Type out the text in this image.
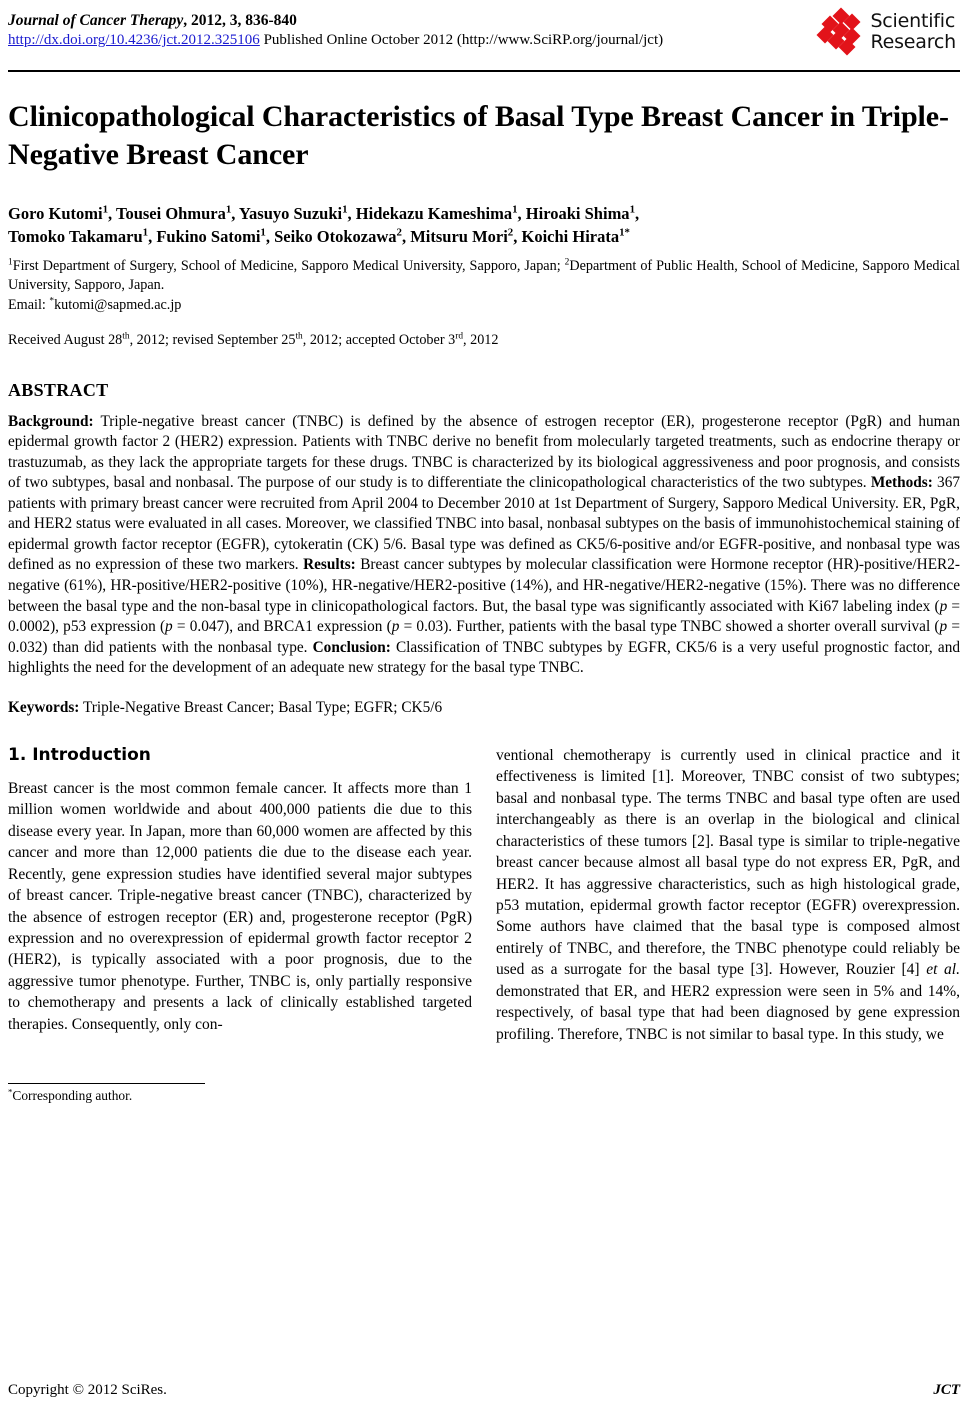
Journal of Cancer Therapy, 2012, 3, 836-840
http://dx.doi.org/10.4236/jct.2012.325106 Published Online October 2012 (http://www.SciRP.org/journal/jct)
Scientific
Research
Clinicopathological Characteristics of Basal Type Breast Cancer in Triple-Negative Breast Cancer
Goro Kutomi$^1$, Tousei Ohmura$^1$, Yasuyo Suzuki$^1$, Hidekazu Kameshima$^1$, Hiroaki Shima$^1$,
Tomoko Takamaru$^1$, Fukino Satomi$^1$, Seiko Otokozawa$^2$, Mitsuru Mori$^2$, Koichi Hirata$^{1*}$
$^1$First Department of Surgery, School of Medicine, Sapporo Medical University, Sapporo, Japan; $^2$Department of Public Health, School of Medicine, Sapporo Medical University, Sapporo, Japan.
Email: *kutomi@sapmed.ac.jp
Received August 28th, 2012; revised September 25th, 2012; accepted October 3rd, 2012
ABSTRACT
Background: Triple-negative breast cancer (TNBC) is defined by the absence of estrogen receptor (ER), progesterone receptor (PgR) and human epidermal growth factor 2 (HER2) expression. Patients with TNBC derive no benefit from molecularly targeted treatments, such as endocrine therapy or trastuzumab, as they lack the appropriate targets for these drugs. TNBC is characterized by its biological aggressiveness and poor prognosis, and consists of two subtypes, basal and nonbasal. The purpose of our study is to differentiate the clinicopathological characteristics of the two subtypes. Methods: 367 patients with primary breast cancer were recruited from April 2004 to December 2010 at 1st Department of Surgery, Sapporo Medical University. ER, PgR, and HER2 status were evaluated in all cases. Moreover, we classified TNBC into basal, nonbasal subtypes on the basis of immunohistochemical staining of epidermal growth factor receptor (EGFR), cytokeratin (CK) 5/6. Basal type was defined as CK5/6-positive and/or EGFR-positive, and nonbasal type was defined as no expression of these two markers. Results: Breast cancer subtypes by molecular classification were Hormone receptor (HR)-positive/HER2-negative (61%), HR-positive/HER2-positive (10%), HR-negative/HER2-positive (14%), and HR-negative/HER2-negative (15%). There was no difference between the basal type and the non-basal type in clinicopathological factors. But, the basal type was significantly associated with Ki67 labeling index (p = 0.0002), p53 expression (p = 0.047), and BRCA1 expression (p = 0.03). Further, patients with the basal type TNBC showed a shorter overall survival (p = 0.032) than did patients with the nonbasal type. Conclusion: Classification of TNBC subtypes by EGFR, CK5/6 is a very useful prognostic factor, and highlights the need for the development of an adequate new strategy for the basal type TNBC.
Keywords: Triple-Negative Breast Cancer; Basal Type; EGFR; CK5/6
1. Introduction

Breast cancer is the most common female cancer. It affects more than 1 million women worldwide and about 400,000 patients die due to this disease every year. In Japan, more than 60,000 women are affected by this cancer and more than 12,000 patients die due to the disease each year. Recently, gene expression studies have identified several major subtypes of breast cancer. Triple-negative breast cancer (TNBC), characterized by the absence of estrogen receptor (ER) and, progesterone receptor (PgR) expression and no overexpression of epidermal growth factor receptor 2 (HER2), is typically associated with a poor prognosis, due to the aggressive tumor phenotype. Further, TNBC is, only partially responsive to chemotherapy and presents a lack of clinically established targeted therapies. Consequently, only con-

*Corresponding author.

ventional chemotherapy is currently used in clinical practice and it effectiveness is limited [1]. Moreover, TNBC consist of two subtypes; basal and nonbasal type. The terms TNBC and basal type often are used interchangeably as there is an overlap in the biological and clinical characteristics of these tumors [2]. Basal type is similar to triple-negative breast cancer because almost all basal type do not express ER, PgR, and HER2. It has aggressive characteristics, such as high histological grade, p53 mutation, epidermal growth factor receptor (EGFR) overexpression. Some authors have claimed that the basal type is composed almost entirely of TNBC, and therefore, the TNBC phenotype could reliably be used as a surrogate for the basal type [3]. However, Rouzier [4] et al. demonstrated that ER, and HER2 expression were seen in 5% and 14%, respectively, of basal type that had been diagnosed by gene expression profiling. Therefore, TNBC is not similar to basal type. In this study, we

Copyright © 2012 SciRes.	JCT
